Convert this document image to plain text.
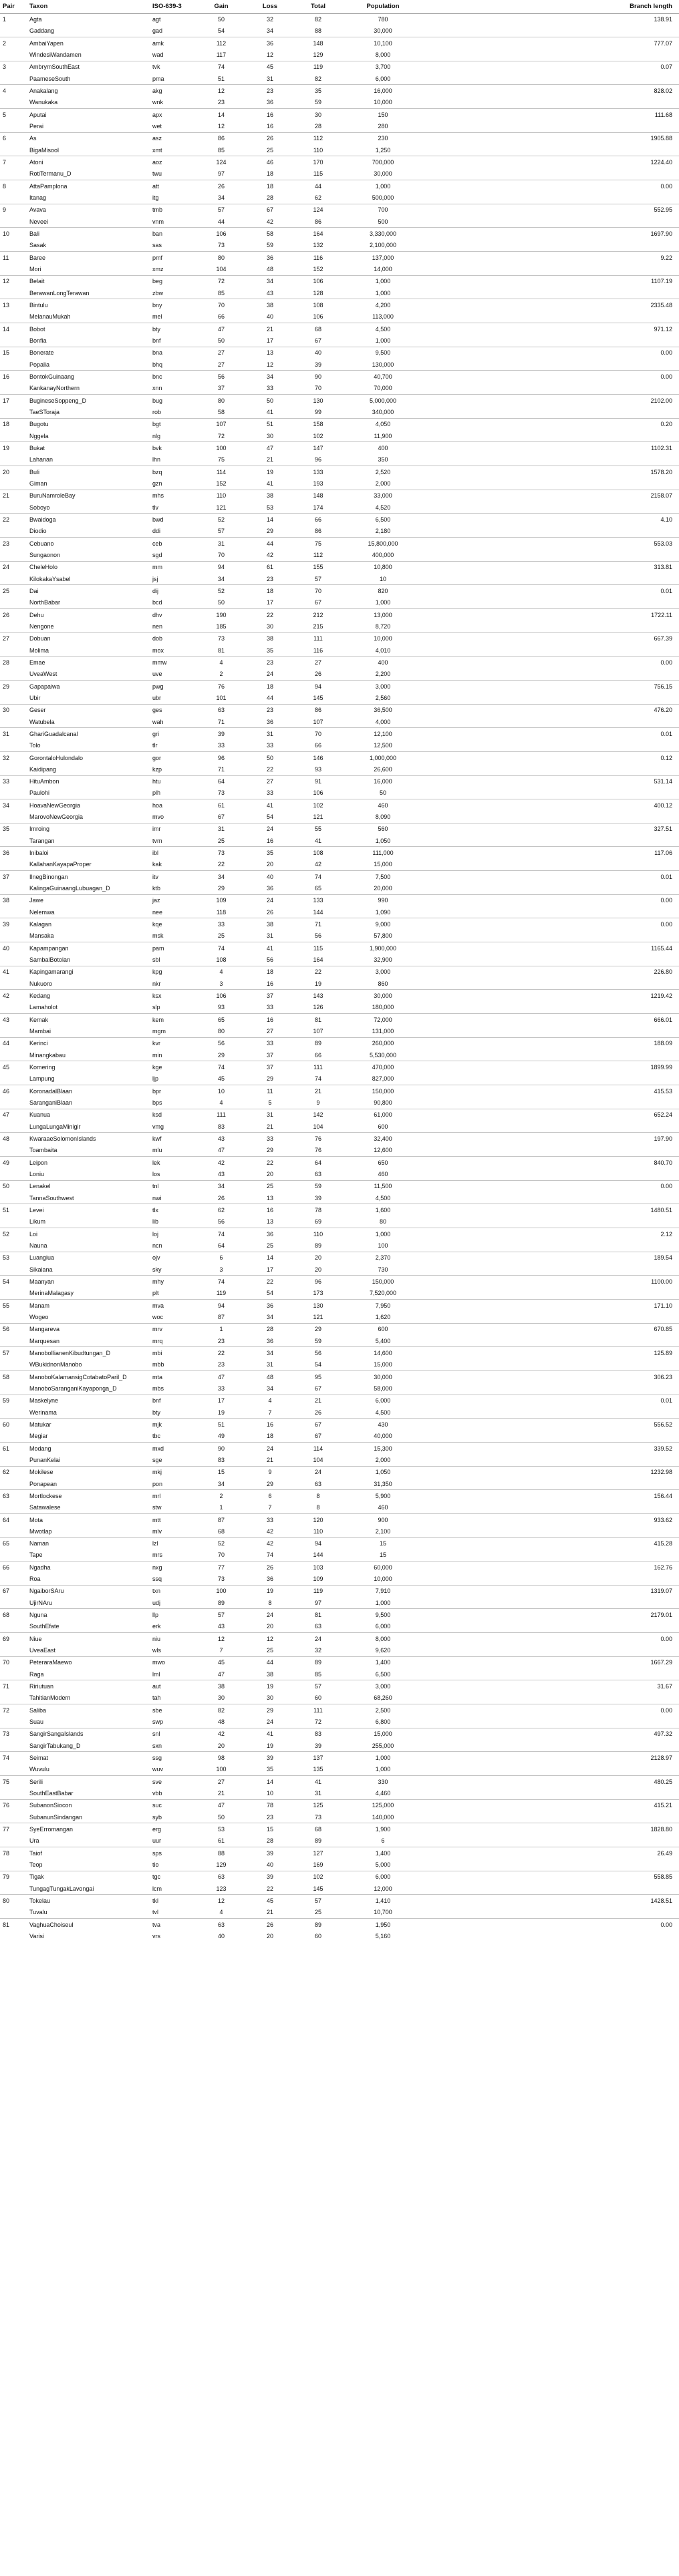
Pair	Taxon	ISO-639-3	Gain	Loss	Total	Population	Branch length
1	Agta	agt	50	32	82	780	138.91
	Gaddang	gad	54	34	88	30,000	
2	AmbaiYapen	amk	112	36	148	10,100	777.07
	WindesiWandamen	wad	117	12	129	8,000	
3	AmbrymSouthEast	tvk	74	45	119	3,700	0.07
	PaameseSouth	pma	51	31	82	6,000	
4	Anakalang	akg	12	23	35	16,000	828.02
	Wanukaka	wnk	23	36	59	10,000	
5	Aputai	apx	14	16	30	150	111.68
	Perai	wet	12	16	28	280	
6	As	asz	86	26	112	230	1905.88
	BigaMisool	xmt	85	25	110	1,250	
7	Atoni	aoz	124	46	170	700,000	1224.40
	RotiTermanu_D	twu	97	18	115	30,000	
8	AttaPamplona	att	26	18	44	1,000	0.00
	Itanag	itg	34	28	62	500,000	
9	Avava	tmb	57	67	124	700	552.95
	Neveei	vnm	44	42	86	500	
10	Bali	ban	106	58	164	3,330,000	1697.90
	Sasak	sas	73	59	132	2,100,000	
11	Baree	pmf	80	36	116	137,000	9.22
	Mori	xmz	104	48	152	14,000	
12	Belait	beg	72	34	106	1,000	1107.19
	BerawanLongTerawan	zbw	85	43	128	1,000	
13	Bintulu	bny	70	38	108	4,200	2335.48
	MelanauMukah	mel	66	40	106	113,000	
14	Bobot	bty	47	21	68	4,500	971.12
	Bonfia	bnf	50	17	67	1,000	
15	Bonerate	bna	27	13	40	9,500	0.00
	Popalia	bhq	27	12	39	130,000	
16	BontokGuinaang	bnc	56	34	90	40,700	0.00
	KankanayNorthern	xnn	37	33	70	70,000	
17	BugineseSoppeng_D	bug	80	50	130	5,000,000	2102.00
	TaeSToraja	rob	58	41	99	340,000	
18	Bugotu	bgt	107	51	158	4,050	0.20
	Nggela	nlg	72	30	102	11,900	
19	Bukat	bvk	100	47	147	400	1102.31
	Lahanan	lhn	75	21	96	350	
20	Buli	bzq	114	19	133	2,520	1578.20
	Giman	gzn	152	41	193	2,000	
21	BuruNamroleBay	mhs	110	38	148	33,000	2158.07
	Soboyo	tlv	121	53	174	4,520	
22	Bwaidoga	bwd	52	14	66	6,500	4.10
	Diodio	ddi	57	29	86	2,180	
23	Cebuano	ceb	31	44	75	15,800,000	553.03
	Sungaonon	sgd	70	42	112	400,000	
24	CheleHolo	mm	94	61	155	10,800	313.81
	KilokakaYsabel	jsj	34	23	57	10	
25	Dai	dij	52	18	70	820	0.01
	NorthBabar	bcd	50	17	67	1,000	
26	Dehu	dhv	190	22	212	13,000	1722.11
	Nengone	nen	185	30	215	8,720	
27	Dobuan	dob	73	38	111	10,000	667.39
	Molima	mox	81	35	116	4,010	
28	Emae	mmw	4	23	27	400	0.00
	UveaWest	uve	2	24	26	2,200	
29	Gapapaiwa	pwg	76	18	94	3,000	756.15
	Ubir	ubr	101	44	145	2,560	
30	Geser	ges	63	23	86	36,500	476.20
	Watubela	wah	71	36	107	4,000	
31	GhariGuadalcanal	gri	39	31	70	12,100	0.01
	Tolo	tlr	33	33	66	12,500	
32	GorontaloHulondalo	gor	96	50	146	1,000,000	0.12
	Kaidipang	kzp	71	22	93	26,600	
33	HituAmbon	htu	64	27	91	16,000	531.14
	Paulohi	plh	73	33	106	50	
34	HoavaNewGeorgia	hoa	61	41	102	460	400.12
	MarovoNewGeorgia	mvo	67	54	121	8,090	
35	Imroing	imr	31	24	55	560	327.51
	Tarangan	tvm	25	16	41	1,050	
36	Inibaloi	ibl	73	35	108	111,000	117.06
	KallahanKayapaProper	kak	22	20	42	15,000	
37	IlnegBinongan	itv	34	40	74	7,500	0.01
	KalingaGuinaangLubuagan_D	ktb	29	36	65	20,000	
38	Jawe	jaz	109	24	133	990	0.00
	Nelemwa	nee	118	26	144	1,090	
39	Kalagan	kqe	33	38	71	9,000	0.00
	Mansaka	msk	25	31	56	57,800	
40	Kapampangan	pam	74	41	115	1,900,000	1165.44
	SambalBotolan	sbl	108	56	164	32,900	
41	Kapingamarangi	kpg	4	18	22	3,000	226.80
	Nukuoro	nkr	3	16	19	860	
42	Kedang	ksx	106	37	143	30,000	1219.42
	Lamaholot	slp	93	33	126	180,000	
43	Kemak	kem	65	16	81	72,000	666.01
	Mambai	mgm	80	27	107	131,000	
44	Kerinci	kvr	56	33	89	260,000	188.09
	Minangkabau	min	29	37	66	5,530,000	
45	Komering	kge	74	37	111	470,000	1899.99
	Lampung	ljp	45	29	74	827,000	
46	KoronadalBlaan	bpr	10	11	21	150,000	415.53
	SaranganiBlaan	bps	4	5	9	90,800	
47	Kuanua	ksd	111	31	142	61,000	652.24
	LungaLungaMinigir	vmg	83	21	104	600	
48	KwaraaeSolomonIslands	kwf	43	33	76	32,400	197.90
	Toambaita	mlu	47	29	76	12,600	
49	Leipon	lek	42	22	64	650	840.70
	Loniu	los	43	20	63	460	
50	Lenakel	tnl	34	25	59	11,500	0.00
	TannaSouthwest	nwi	26	13	39	4,500	
51	Levei	tlx	62	16	78	1,600	1480.51
	Likum	lib	56	13	69	80	
52	Loi	loj	74	36	110	1,000	2.12
	Nauna	ncn	64	25	89	100	
53	Luangiua	ojv	6	14	20	2,370	189.54
	Sikaiana	sky	3	17	20	730	
54	Maanyan	mhy	74	22	96	150,000	1100.00
	MerinaMalagasy	plt	119	54	173	7,520,000	
55	Manam	mva	94	36	130	7,950	171.10
	Wogeo	woc	87	34	121	1,620	
56	Mangareva	mrv	1	28	29	600	670.85
	Marquesan	mrq	23	36	59	5,400	
57	ManoboIlianenKibudtungan_D	mbi	22	34	56	14,600	125.89
	WBukidnonManobo	mbb	23	31	54	15,000	
58	ManoboKalamansigCotabatoParil_D	mta	47	48	95	30,000	306.23
	ManoboSaranganiKayaponga_D	mbs	33	34	67	58,000	
59	Maskelyne	bnf	17	4	21	6,000	0.01
	Werinama	bty	19	7	26	4,500	
60	Matukar	mjk	51	16	67	430	556.52
	Megiar	tbc	49	18	67	40,000	
61	Modang	mxd	90	24	114	15,300	339.52
	PunanKelai	sge	83	21	104	2,000	
62	Mokilese	mkj	15	9	24	1,050	1232.98
	Ponapean	pon	34	29	63	31,350	
63	Mortlockese	mrl	2	6	8	5,900	156.44
	Satawalese	stw	1	7	8	460	
64	Mota	mtt	87	33	120	900	933.62
	Mwotlap	mlv	68	42	110	2,100	
65	Naman	lzl	52	42	94	15	415.28
	Tape	mrs	70	74	144	15	
66	Ngadha	nxg	77	26	103	60,000	162.76
	Roa	ssq	73	36	109	10,000	
67	NgaiborSAru	txn	100	19	119	7,910	1319.07
	UjirNAru	udj	89	8	97	1,000	
68	Nguna	llp	57	24	81	9,500	2179.01
	SouthEfate	erk	43	20	63	6,000	
69	Niue	niu	12	12	24	8,000	0.00
	UveaEast	wls	7	25	32	9,620	
70	PeteraraMaewo	mwo	45	44	89	1,400	1667.29
	Raga	lml	47	38	85	6,500	
71	Ririutuan	aut	38	19	57	3,000	31.67
	TahitianModern	tah	30	30	60	68,260	
72	Saliba	sbe	82	29	111	2,500	0.00
	Suau	swp	48	24	72	6,800	
73	SangirSangaIslands	snl	42	41	83	15,000	497.32
	SangirTabukang_D	sxn	20	19	39	255,000	
74	Seimat	ssg	98	39	137	1,000	2128.97
	Wuvulu	wuv	100	35	135	1,000	
75	Serili	sve	27	14	41	330	480.25
	SouthEastBabar	vbb	21	10	31	4,460	
76	SubanonSiocon	suc	47	78	125	125,000	415.21
	SubanunSindangan	syb	50	23	73	140,000	
77	SyeErromangan	erg	53	15	68	1,900	1828.80
	Ura	uur	61	28	89	6	
78	Taiof	sps	88	39	127	1,400	26.49
	Teop	tio	129	40	169	5,000	
79	Tigak	tgc	63	39	102	6,000	558.85
	TungagTungakLavongai	lcm	123	22	145	12,000	
80	Tokelau	tkl	12	45	57	1,410	1428.51
	Tuvalu	tvl	4	21	25	10,700	
81	VaghuaChoiseul	tva	63	26	89	1,950	0.00
	Varisi	vrs	40	20	60	5,160	
